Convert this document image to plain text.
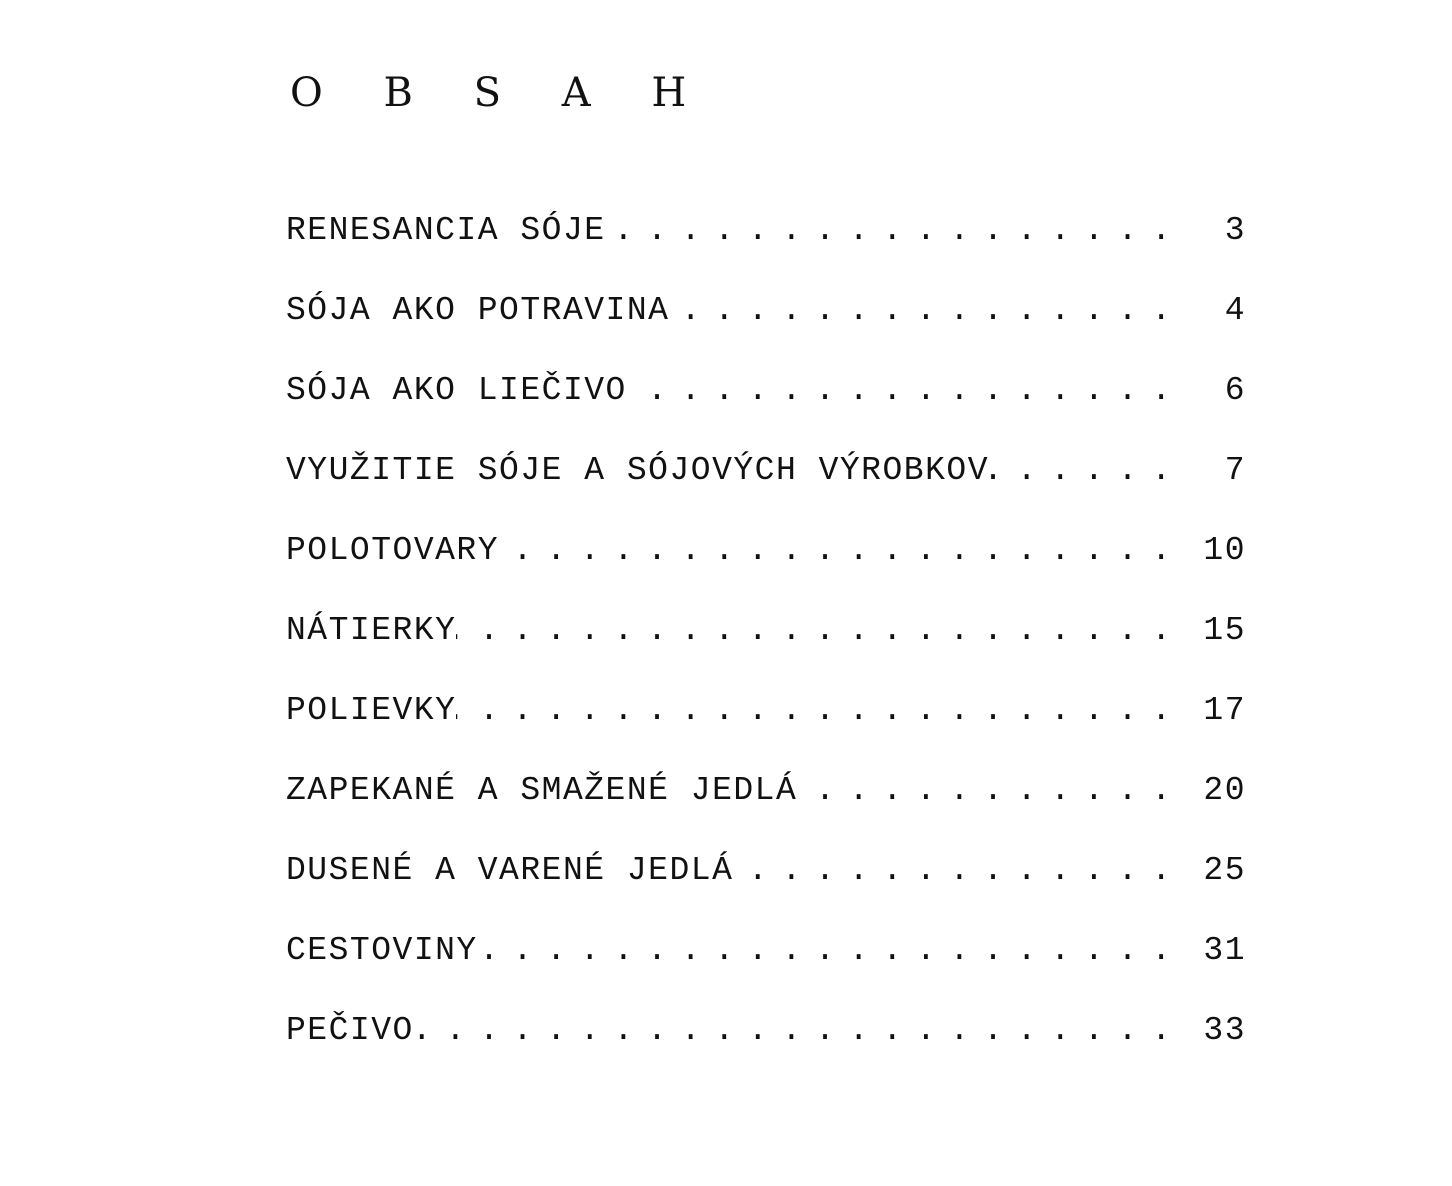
O B S A H
RENESANCIA SÓJE . . .	3
SÓJA AKO POTRAVINA . . .	4
SÓJA AKO LIEČIVO . . .	6
VYUŽITIE SÓJE A SÓJOVÝCH VÝROBKOV . . .	7
POLOTOVARY . . .	10
NÁTIERKY . . .	15
POLIEVKY . . .	17
ZAPEKANÉ A SMAŽENÉ JEDLÁ . . .	20
DUSENÉ A VARENÉ JEDLÁ . . .	25
CESTOVINY . . .	31
PEČIVO . . .	33
